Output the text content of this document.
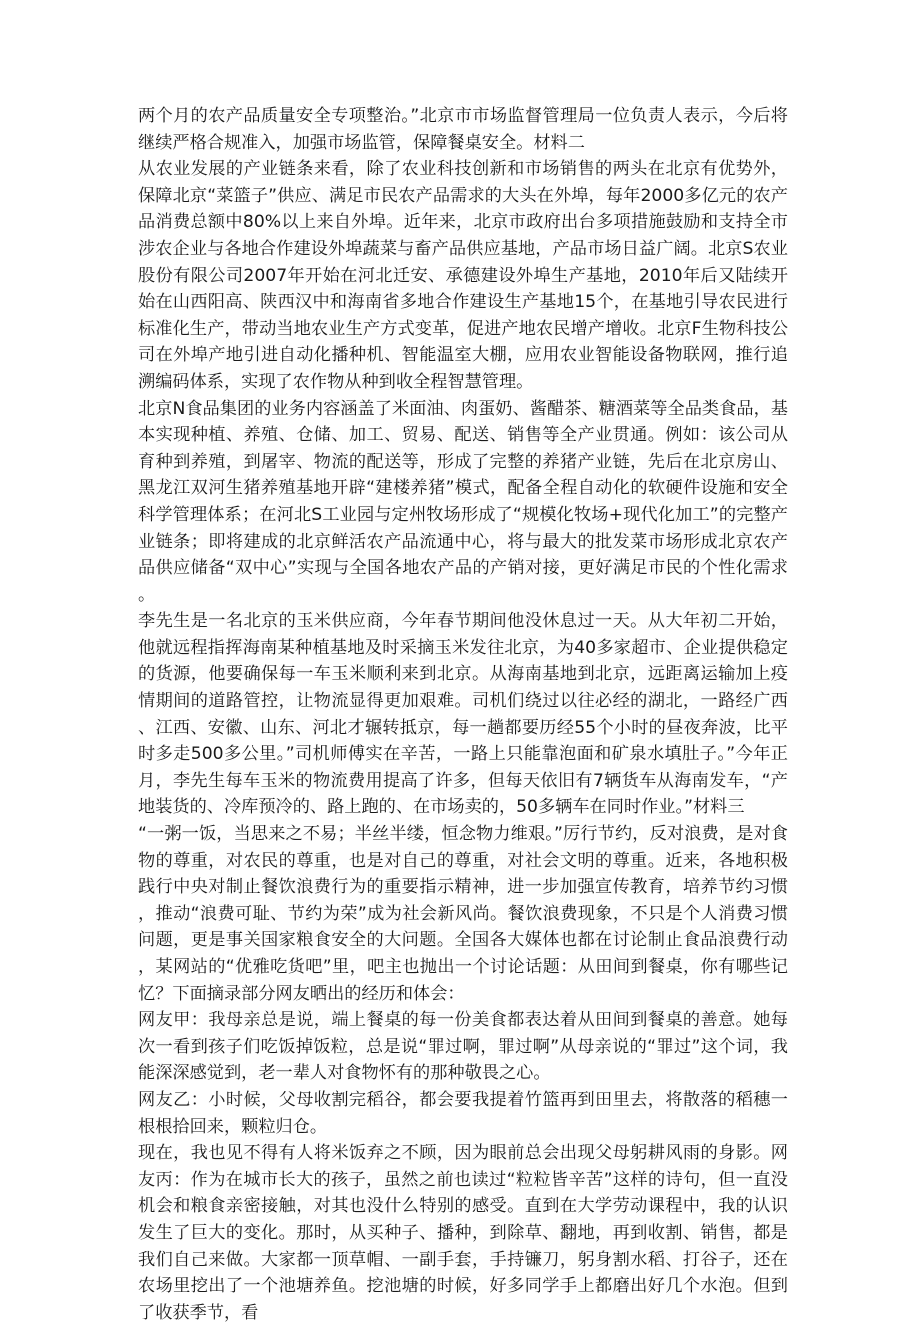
两个月的农产品质量安全专项整治。”北京市市场监督管理局一位负责人表示，今后将继续严格合规准入，加强市场监管，保障餐桌安全。材料二

从农业发展的产业链条来看，除了农业科技创新和市场销售的两头在北京有优势外，保障北京“菜篮子”供应、满足市民农产品需求的大头在外埠，每年2000多亿元的农产品消费总额中80%以上来自外埠。近年来，北京市政府出台多项措施鼓励和支持全市涉农企业与各地合作建设外埠蔬菜与畜产品供应基地，产品市场日益广阔。北京S农业股份有限公司2007年开始在河北迁安、承德建设外埠生产基地，2010年后又陆续开始在山西阳高、陕西汉中和海南省多地合作建设生产基地15个，在基地引导农民进行标准化生产，带动当地农业生产方式变革，促进产地农民增产增收。北京F生物科技公司在外埠产地引进自动化播种机、智能温室大棚，应用农业智能设备物联网，推行追溯编码体系，实现了农作物从种到收全程智慧管理。

北京N食品集团的业务内容涵盖了米面油、肉蛋奶、酱醋茶、糖酒菜等全品类食品，基本实现种植、养殖、仓储、加工、贸易、配送、销售等全产业贯通。例如：该公司从育种到养殖，到屠宰、物流的配送等，形成了完整的养猪产业链，先后在北京房山、黑龙江双河生猪养殖基地开辟“建楼养猪”模式，配备全程自动化的软硬件设施和安全科学管理体系；在河北S工业园与定州牧场形成了“规模化牧场+现代化加工”的完整产业链条；即将建成的北京鲜活农产品流通中心，将与最大的批发菜市场形成北京农产品供应储备“双中心”实现与全国各地农产品的产销对接，更好满足市民的个性化需求。

李先生是一名北京的玉米供应商，今年春节期间他没休息过一天。从大年初二开始，他就远程指挥海南某种植基地及时采摘玉米发往北京，为40多家超市、企业提供稳定的货源，他要确保每一车玉米顺利来到北京。从海南基地到北京，远距离运输加上疫情期间的道路管控，让物流显得更加艰难。司机们绕过以往必经的湖北，一路经广西、江西、安徽、山东、河北才辗转抵京，每一趟都要历经55个小时的昼夜奔波，比平时多走500多公里。”司机师傅实在辛苦，一路上只能靠泡面和矿泉水填肚子。”今年正月，李先生每车玉米的物流费用提高了许多，但每天依旧有7辆货车从海南发车，“产地装货的、冷库预冷的、路上跑的、在市场卖的，50多辆车在同时作业。”材料三

“一粥一饭，当思来之不易；半丝半缕，恒念物力维艰。”厉行节约，反对浪费，是对食物的尊重，对农民的尊重，也是对自己的尊重，对社会文明的尊重。近来，各地积极践行中央对制止餐饮浪费行为的重要指示精神，进一步加强宣传教育，培养节约习惯，推动“浪费可耻、节约为荣”成为社会新风尚。餐饮浪费现象，不只是个人消费习惯问题，更是事关国家粮食安全的大问题。全国各大媒体也都在讨论制止食品浪费行动，某网站的“优雅吃货吧”里，吧主也抛出一个讨论话题：从田间到餐桌，你有哪些记忆？下面摘录部分网友晒出的经历和体会：

网友甲：我母亲总是说，端上餐桌的每一份美食都表达着从田间到餐桌的善意。她每次一看到孩子们吃饭掉饭粒，总是说“罪过啊，罪过啊”从母亲说的“罪过”这个词，我能深深感觉到，老一辈人对食物怀有的那种敬畏之心。

网友乙：小时候，父母收割完稻谷，都会要我提着竹篮再到田里去，将散落的稻穗一根根拾回来，颗粒归仓。

现在，我也见不得有人将米饭弃之不顾，因为眼前总会出现父母躬耕风雨的身影。网友丙：作为在城市长大的孩子，虽然之前也读过“粒粒皆辛苦”这样的诗句，但一直没机会和粮食亲密接触，对其也没什么特别的感受。直到在大学劳动课程中，我的认识发生了巨大的变化。那时，从买种子、播种，到除草、翻地，再到收割、销售，都是我们自己来做。大家都一顶草帽、一副手套，手持镰刀，躬身割水稻、打谷子，还在农场里挖出了一个池塘养鱼。挖池塘的时候，好多同学手上都磨出好几个水泡。但到了收获季节，看
